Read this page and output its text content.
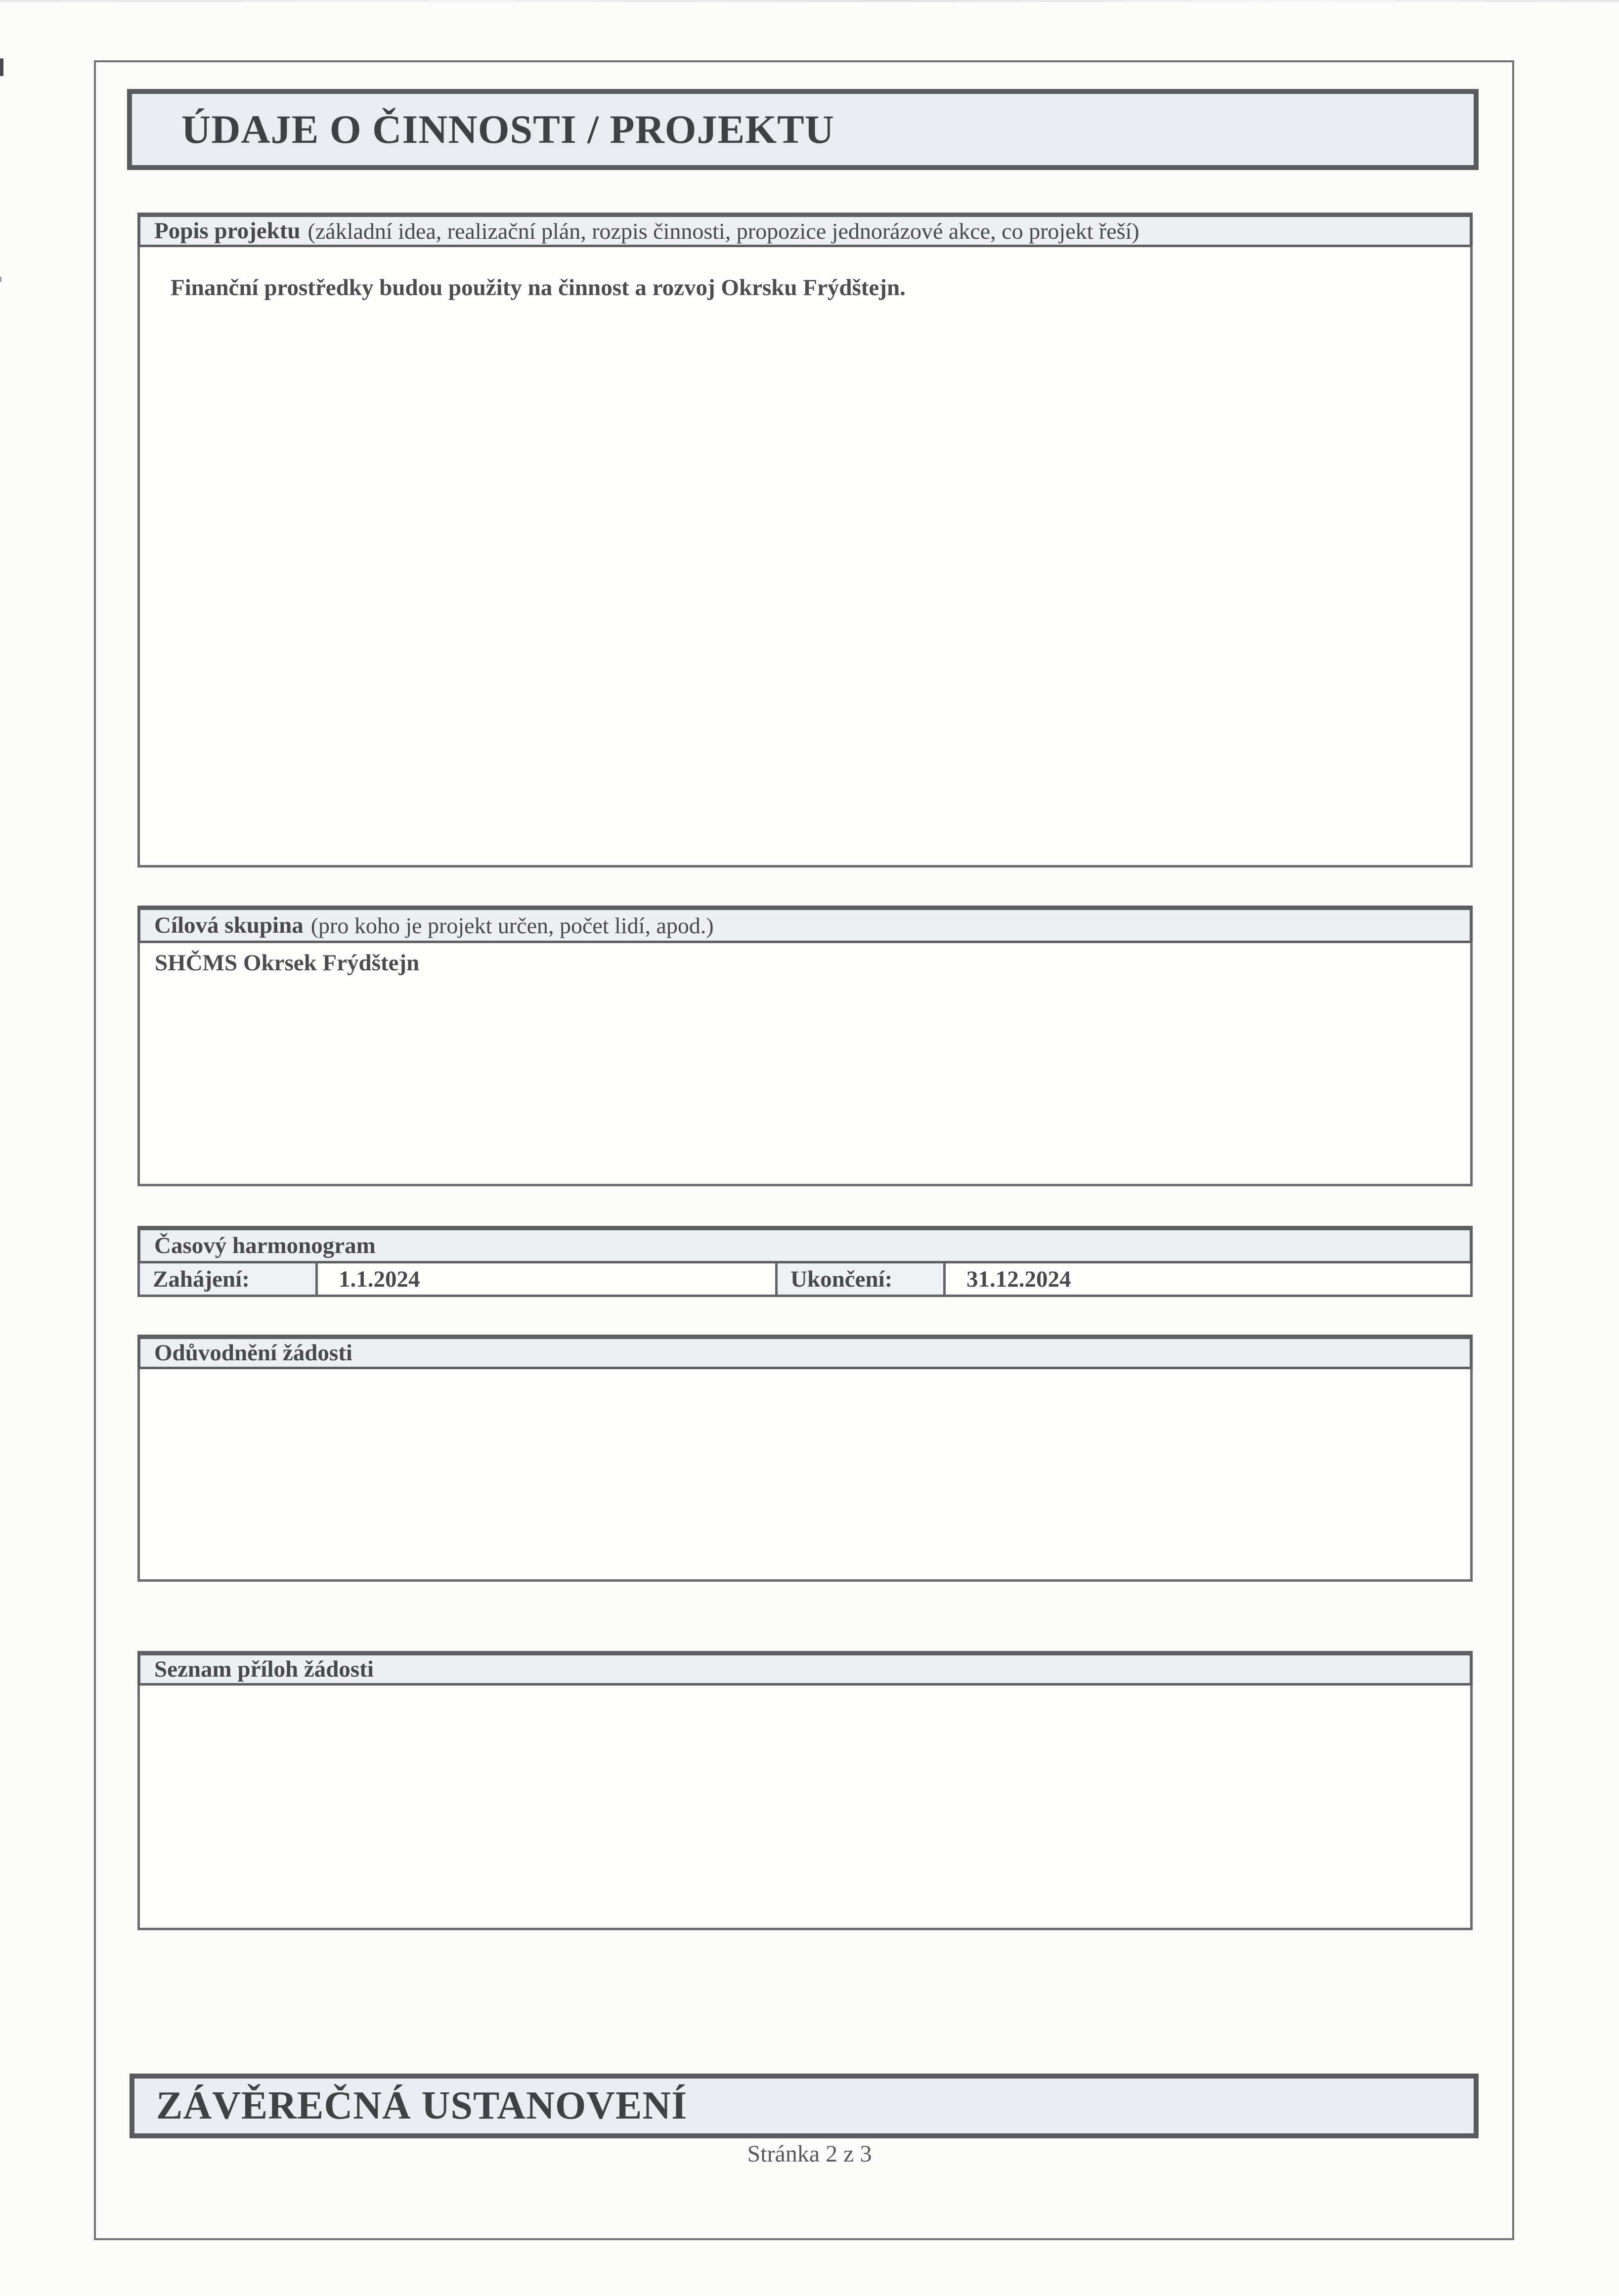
ÚDAJE O ČINNOSTI / PROJEKTU
Popis projektu (základní idea, realizační plán, rozpis činnosti, propozice jednorázové akce, co projekt řeší)
Finanční prostředky budou použity na činnost a rozvoj Okrsku Frýdštejn.
Cílová skupina (pro koho je projekt určen, počet lidí, apod.)
SHČMS Okrsek Frýdštejn
Časový harmonogram
Zahájení:	1.1.2024	Ukončení:	31.12.2024
Odůvodnění žádosti
Seznam příloh žádosti
ZÁVĚREČNÁ USTANOVENÍ
Stránka 2 z 3
